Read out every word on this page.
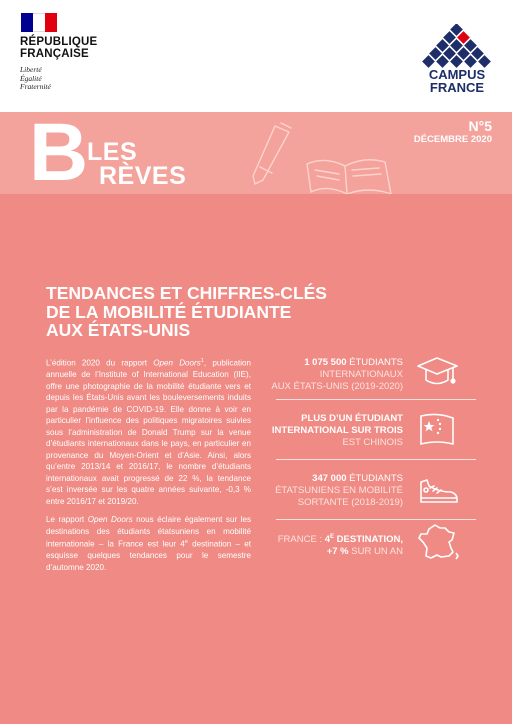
RÉPUBLIQUE
FRANÇAISE
Liberté
Égalité
Fraternité
CAMPUS
FRANCE
N°5
DÉCEMBRE 2020
B
LES
RÈVES
TENDANCES ET CHIFFRES-CLÉS
DE LA MOBILITÉ ÉTUDIANTE
AUX ÉTATS-UNIS

L’édition 2020 du rapport Open Doors$^1$, publication annuelle de l’Institute of International Education (IIE), offre une photographie de la mobilité étudiante vers et depuis les États-Unis avant les bouleversements induits par la pandémie de COVID-19. Elle donne à voir en particulier l’influence des politiques migratoires suivies sous l’administration de Donald Trump sur la venue d’étudiants internationaux dans le pays, en particulier en provenance du Moyen-Orient et d’Asie. Ainsi, alors qu’entre 2013/14 et 2016/17, le nombre d’étudiants internationaux avait progressé de 22 %, la tendance s’est inversée sur les quatre années suivante, -0,3 % entre 2016/17 et 2019/20.

Le rapport Open Doors nous éclaire également sur les destinations des étudiants étatsuniens en mobilité internationale – la France est leur 4e destination – et esquisse quelques tendances pour le semestre d’automne 2020.

1 075 500 ÉTUDIANTS
INTERNATIONAUX
AUX ÉTATS-UNIS (2019-2020)
PLUS D’UN ÉTUDIANT
INTERNATIONAL SUR TROIS
EST CHINOIS
347 000 ÉTUDIANTS
ÉTATSUNIENS EN MOBILITÉ
SORTANTE (2018-2019)
FRANCE : $4^E$ DESTINATION,
+7 % SUR UN AN
